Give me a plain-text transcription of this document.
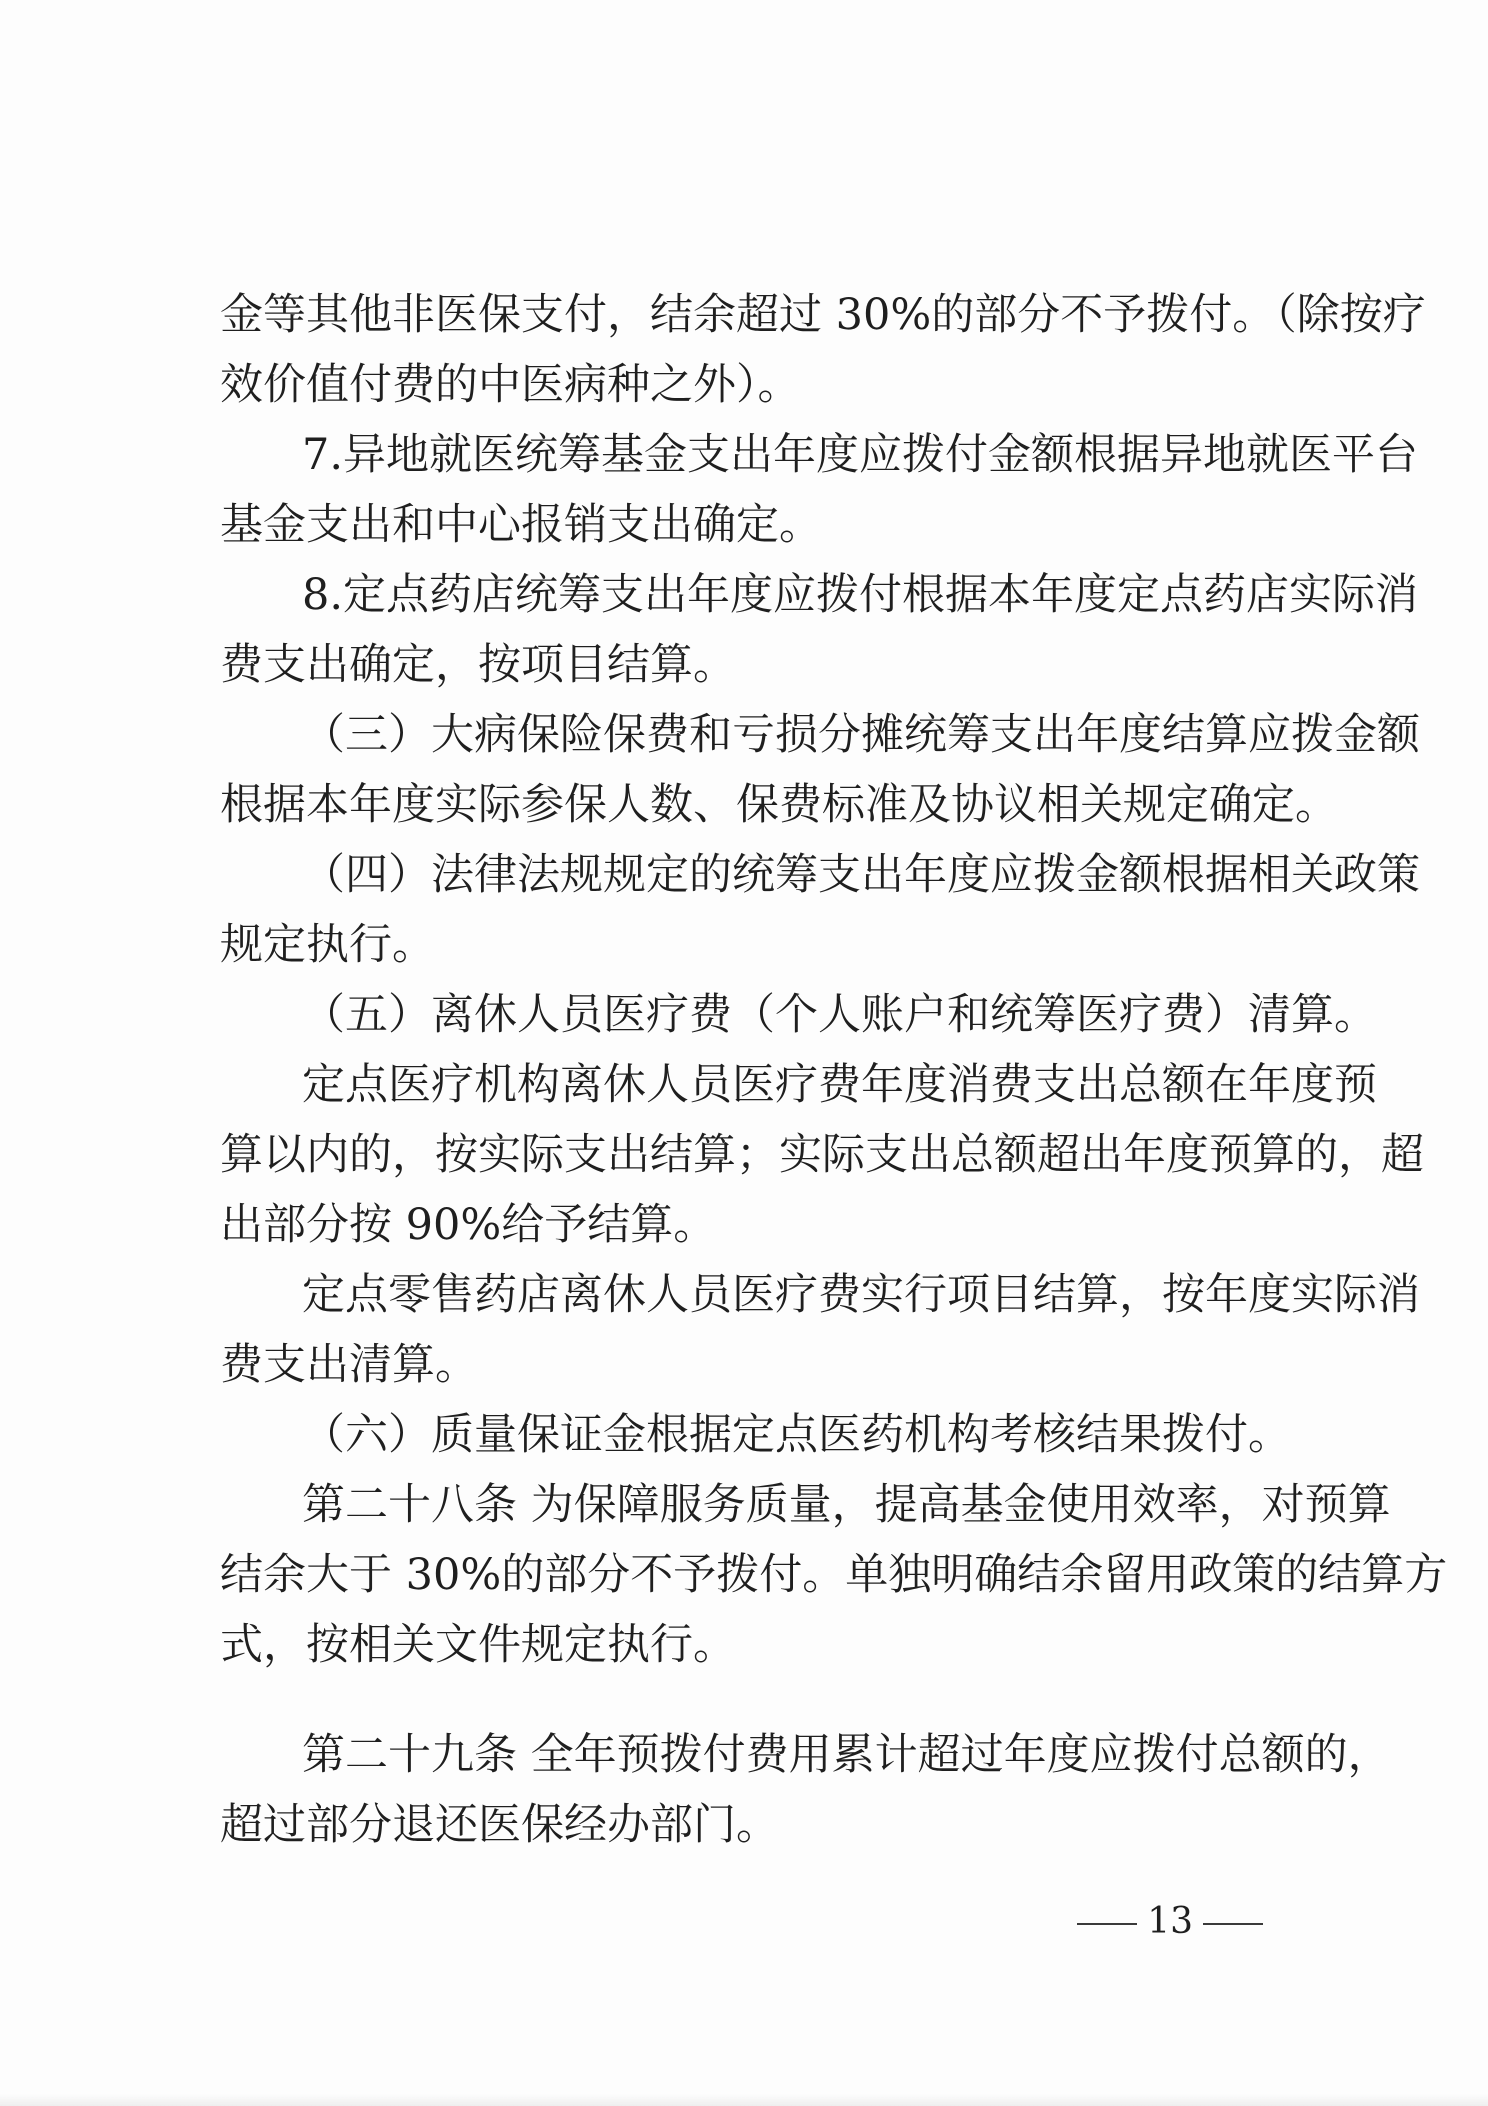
金等其他非医保支付，结余超过 30%的部分不予拨付。（除按疗

效价值付费的中医病种之外）。

7.异地就医统筹基金支出年度应拨付金额根据异地就医平台

基金支出和中心报销支出确定。

8.定点药店统筹支出年度应拨付根据本年度定点药店实际消

费支出确定，按项目结算。

（三）大病保险保费和亏损分摊统筹支出年度结算应拨金额

根据本年度实际参保人数、保费标准及协议相关规定确定。

（四）法律法规规定的统筹支出年度应拨金额根据相关政策

规定执行。

（五）离休人员医疗费（个人账户和统筹医疗费）清算。

定点医疗机构离休人员医疗费年度消费支出总额在年度预

算以内的，按实际支出结算；实际支出总额超出年度预算的，超

出部分按 90%给予结算。

定点零售药店离休人员医疗费实行项目结算，按年度实际消

费支出清算。

（六）质量保证金根据定点医药机构考核结果拨付。

第二十八条 为保障服务质量，提高基金使用效率，对预算

结余大于 30%的部分不予拨付。单独明确结余留用政策的结算方

式，按相关文件规定执行。

第二十九条 全年预拨付费用累计超过年度应拨付总额的，

超过部分退还医保经办部门。

13
